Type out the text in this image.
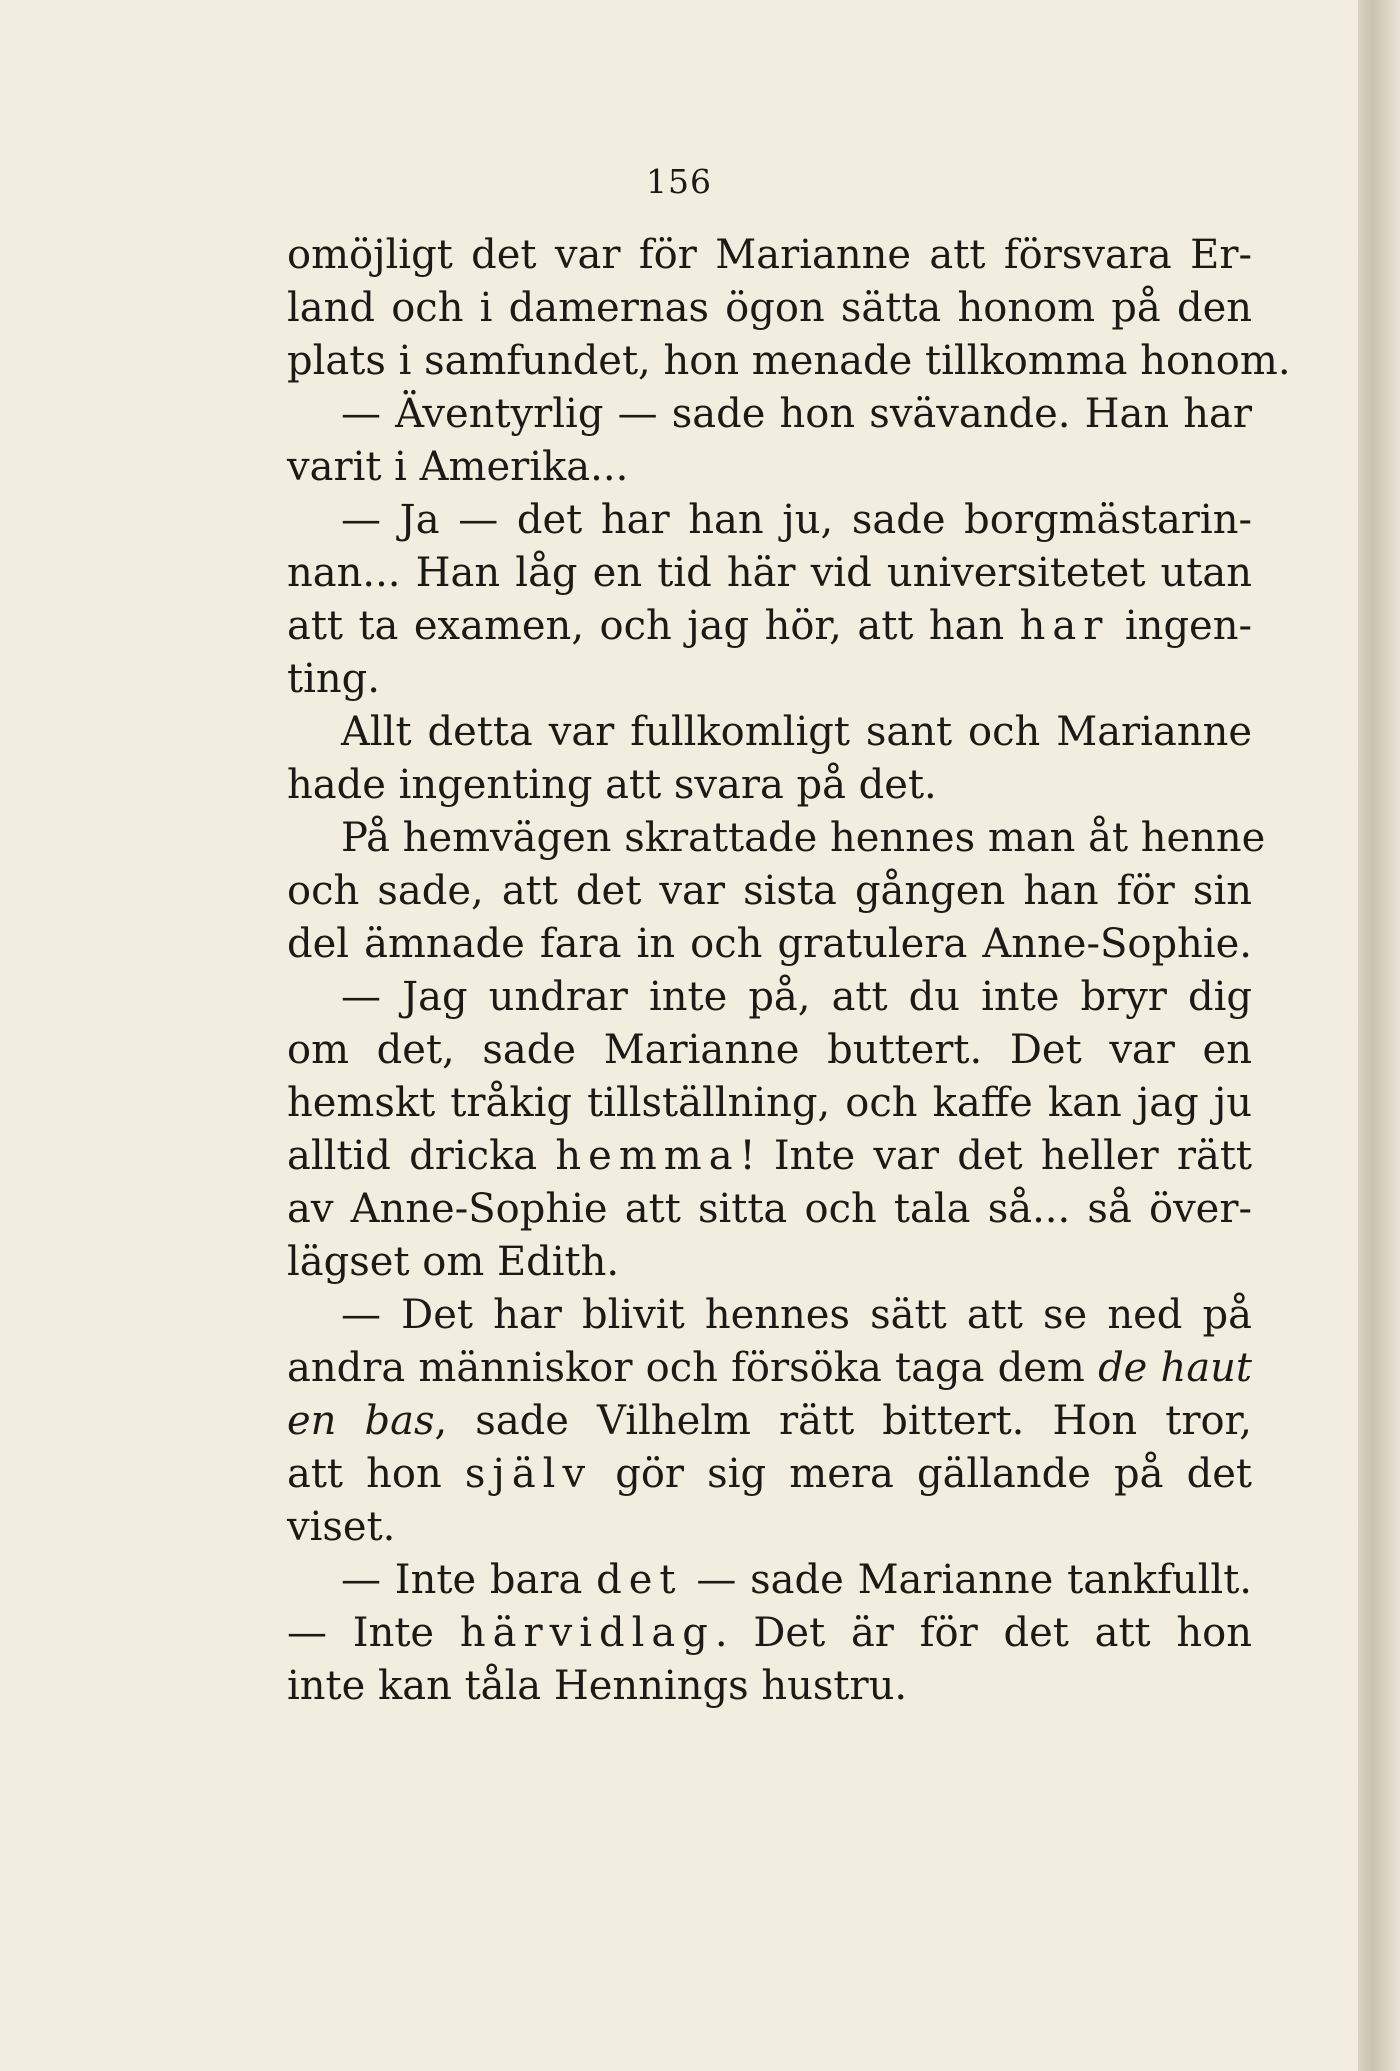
156
omöjligt det var för Marianne att försvara Er-
land och i damernas ögon sätta honom på den
plats i samfundet, hon menade tillkomma honom.
— Äventyrlig — sade hon svävande. Han har
varit i Amerika...
— Ja — det har han ju, sade borgmästarin-
nan... Han låg en tid här vid universitetet utan
att ta examen, och jag hör, att han har ingen-
ting.
Allt detta var fullkomligt sant och Marianne
hade ingenting att svara på det.
På hemvägen skrattade hennes man åt henne
och sade, att det var sista gången han för sin
del ämnade fara in och gratulera Anne-Sophie.
— Jag undrar inte på, att du inte bryr dig
om det, sade Marianne buttert. Det var en
hemskt tråkig tillställning, och kaffe kan jag ju
alltid dricka hemma! Inte var det heller rätt
av Anne-Sophie att sitta och tala så... så över-
lägset om Edith.
— Det har blivit hennes sätt att se ned på
andra människor och försöka taga dem de haut
en bas, sade Vilhelm rätt bittert. Hon tror,
att hon själv gör sig mera gällande på det
viset.
— Inte bara det — sade Marianne tankfullt.
— Inte härvidlag. Det är för det att hon
inte kan tåla Hennings hustru.
